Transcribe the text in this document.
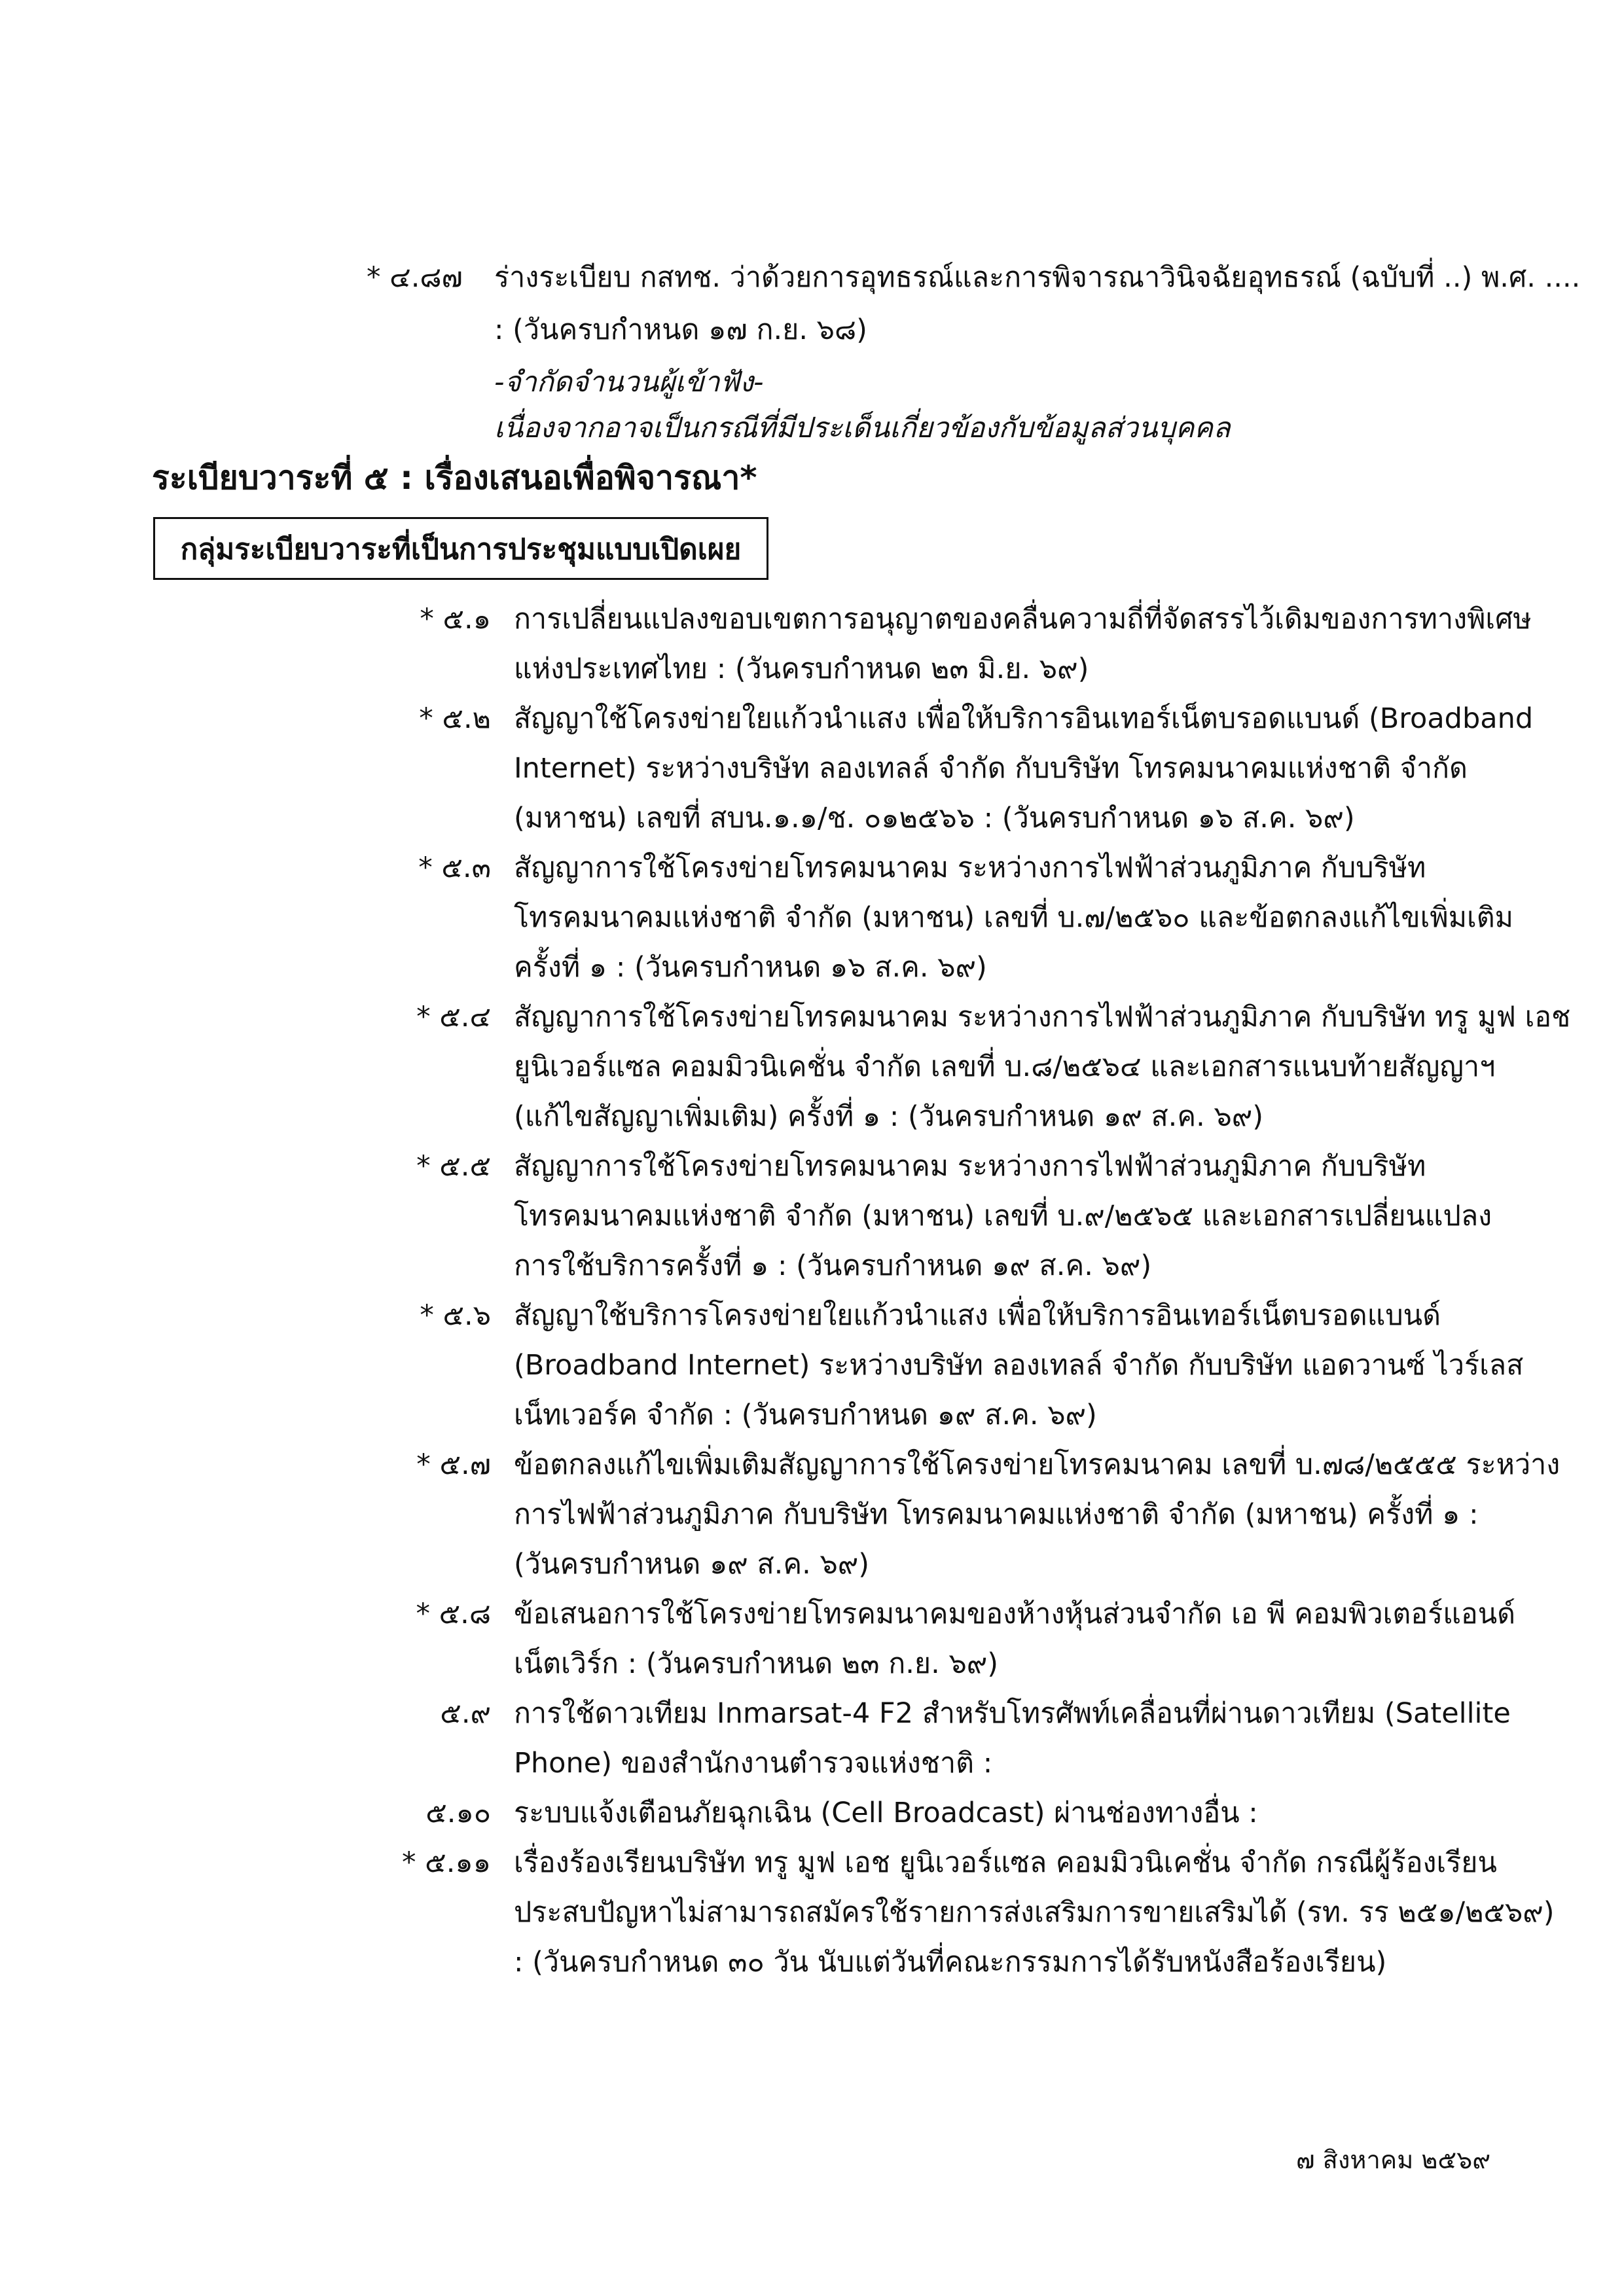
* ๔.๘๗	ร่างระเบียบ กสทช. ว่าด้วยการอุทธรณ์และการพิจารณาวินิจฉัยอุทธรณ์ (ฉบับที่ ..) พ.ศ. ....
: (วันครบกำหนด ๑๗ ก.ย. ๖๘)
-จำกัดจำนวนผู้เข้าฟัง-
เนื่องจากอาจเป็นกรณีที่มีประเด็นเกี่ยวข้องกับข้อมูลส่วนบุคคล
ระเบียบวาระที่ ๕ : เรื่องเสนอเพื่อพิจารณา*
กลุ่มระเบียบวาระที่เป็นการประชุมแบบเปิดเผย
* ๕.๑ การเปลี่ยนแปลงขอบเขตการอนุญาตของคลื่นความถี่ที่จัดสรรไว้เดิมของการทางพิเศษ
แห่งประเทศไทย : (วันครบกำหนด ๒๓ มิ.ย. ๖๙)
* ๕.๒ สัญญาใช้โครงข่ายใยแก้วนำแสง เพื่อให้บริการอินเทอร์เน็ตบรอดแบนด์ (Broadband
Internet) ระหว่างบริษัท ลองเทลล์ จำกัด กับบริษัท โทรคมนาคมแห่งชาติ จำกัด
(มหาชน) เลขที่ สบน.๑.๑/ช. ๐๑๒๕๖๖ : (วันครบกำหนด ๑๖ ส.ค. ๖๙)
* ๕.๓ สัญญาการใช้โครงข่ายโทรคมนาคม ระหว่างการไฟฟ้าส่วนภูมิภาค กับบริษัท
โทรคมนาคมแห่งชาติ จำกัด (มหาชน) เลขที่ บ.๗/๒๕๖๐ และข้อตกลงแก้ไขเพิ่มเติม
ครั้งที่ ๑ : (วันครบกำหนด ๑๖ ส.ค. ๖๙)
* ๕.๔ สัญญาการใช้โครงข่ายโทรคมนาคม ระหว่างการไฟฟ้าส่วนภูมิภาค กับบริษัท ทรู มูฟ เอช
ยูนิเวอร์แซล คอมมิวนิเคชั่น จำกัด เลขที่ บ.๘/๒๕๖๔ และเอกสารแนบท้ายสัญญาฯ
(แก้ไขสัญญาเพิ่มเติม) ครั้งที่ ๑ : (วันครบกำหนด ๑๙ ส.ค. ๖๙)
* ๕.๕ สัญญาการใช้โครงข่ายโทรคมนาคม ระหว่างการไฟฟ้าส่วนภูมิภาค กับบริษัท
โทรคมนาคมแห่งชาติ จำกัด (มหาชน) เลขที่ บ.๙/๒๕๖๕ และเอกสารเปลี่ยนแปลง
การใช้บริการครั้งที่ ๑ : (วันครบกำหนด ๑๙ ส.ค. ๖๙)
* ๕.๖ สัญญาใช้บริการโครงข่ายใยแก้วนำแสง เพื่อให้บริการอินเทอร์เน็ตบรอดแบนด์
(Broadband Internet) ระหว่างบริษัท ลองเทลล์ จำกัด กับบริษัท แอดวานซ์ ไวร์เลส
เน็ทเวอร์ค จำกัด : (วันครบกำหนด ๑๙ ส.ค. ๖๙)
* ๕.๗ ข้อตกลงแก้ไขเพิ่มเติมสัญญาการใช้โครงข่ายโทรคมนาคม เลขที่ บ.๗๘/๒๕๕๕ ระหว่าง
การไฟฟ้าส่วนภูมิภาค กับบริษัท โทรคมนาคมแห่งชาติ จำกัด (มหาชน) ครั้งที่ ๑ :
(วันครบกำหนด ๑๙ ส.ค. ๖๙)
* ๕.๘ ข้อเสนอการใช้โครงข่ายโทรคมนาคมของห้างหุ้นส่วนจำกัด เอ พี คอมพิวเตอร์แอนด์
เน็ตเวิร์ก : (วันครบกำหนด ๒๓ ก.ย. ๖๙)
๕.๙ การใช้ดาวเทียม Inmarsat-4 F2 สำหรับโทรศัพท์เคลื่อนที่ผ่านดาวเทียม (Satellite
Phone) ของสำนักงานตำรวจแห่งชาติ :
๕.๑๐ ระบบแจ้งเตือนภัยฉุกเฉิน (Cell Broadcast) ผ่านช่องทางอื่น :
* ๕.๑๑ เรื่องร้องเรียนบริษัท ทรู มูฟ เอช ยูนิเวอร์แซล คอมมิวนิเคชั่น จำกัด กรณีผู้ร้องเรียน
ประสบปัญหาไม่สามารถสมัครใช้รายการส่งเสริมการขายเสริมได้ (รท. รร ๒๕๑/๒๕๖๙)
: (วันครบกำหนด ๓๐ วัน นับแต่วันที่คณะกรรมการได้รับหนังสือร้องเรียน)
๗ สิงหาคม ๒๕๖๙
